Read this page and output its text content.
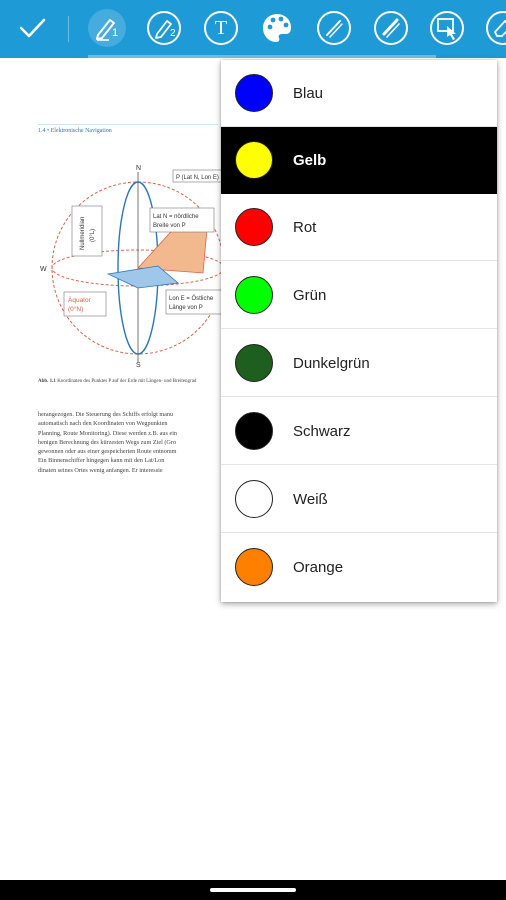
1	2	T
1.4 • Elektronische Navigation
N
W
S
P (Lat N, Lon E)
Lat N = nördliche
Breite von P
Lon E = Östliche
Länge von P
Nullmeridian (0°L)
Äquator
(0°N)
Abb. 1.1 Koordinaten des Punktes P auf der Erde mit Längen- und Breitengrad
herangezogen. Die Steuerung des Schiffs erfolgt manu
automatisch nach den Koordinaten von Wegpunkten
Planning, Route Monitoring). Diese werden z.B. aus ein
henigen Berechnung des kürzesten Wegs zum Ziel (Gro
gewonnen oder aus einer gespeicherten Route entnomm
Ein Binnenschiffer hingegen kann mit den Lat/Lon
dinaten seines Ortes wenig anfangen. Er interessie
Blau
Gelb
Rot
Grün
Dunkelgrün
Schwarz
Weiß
Orange
